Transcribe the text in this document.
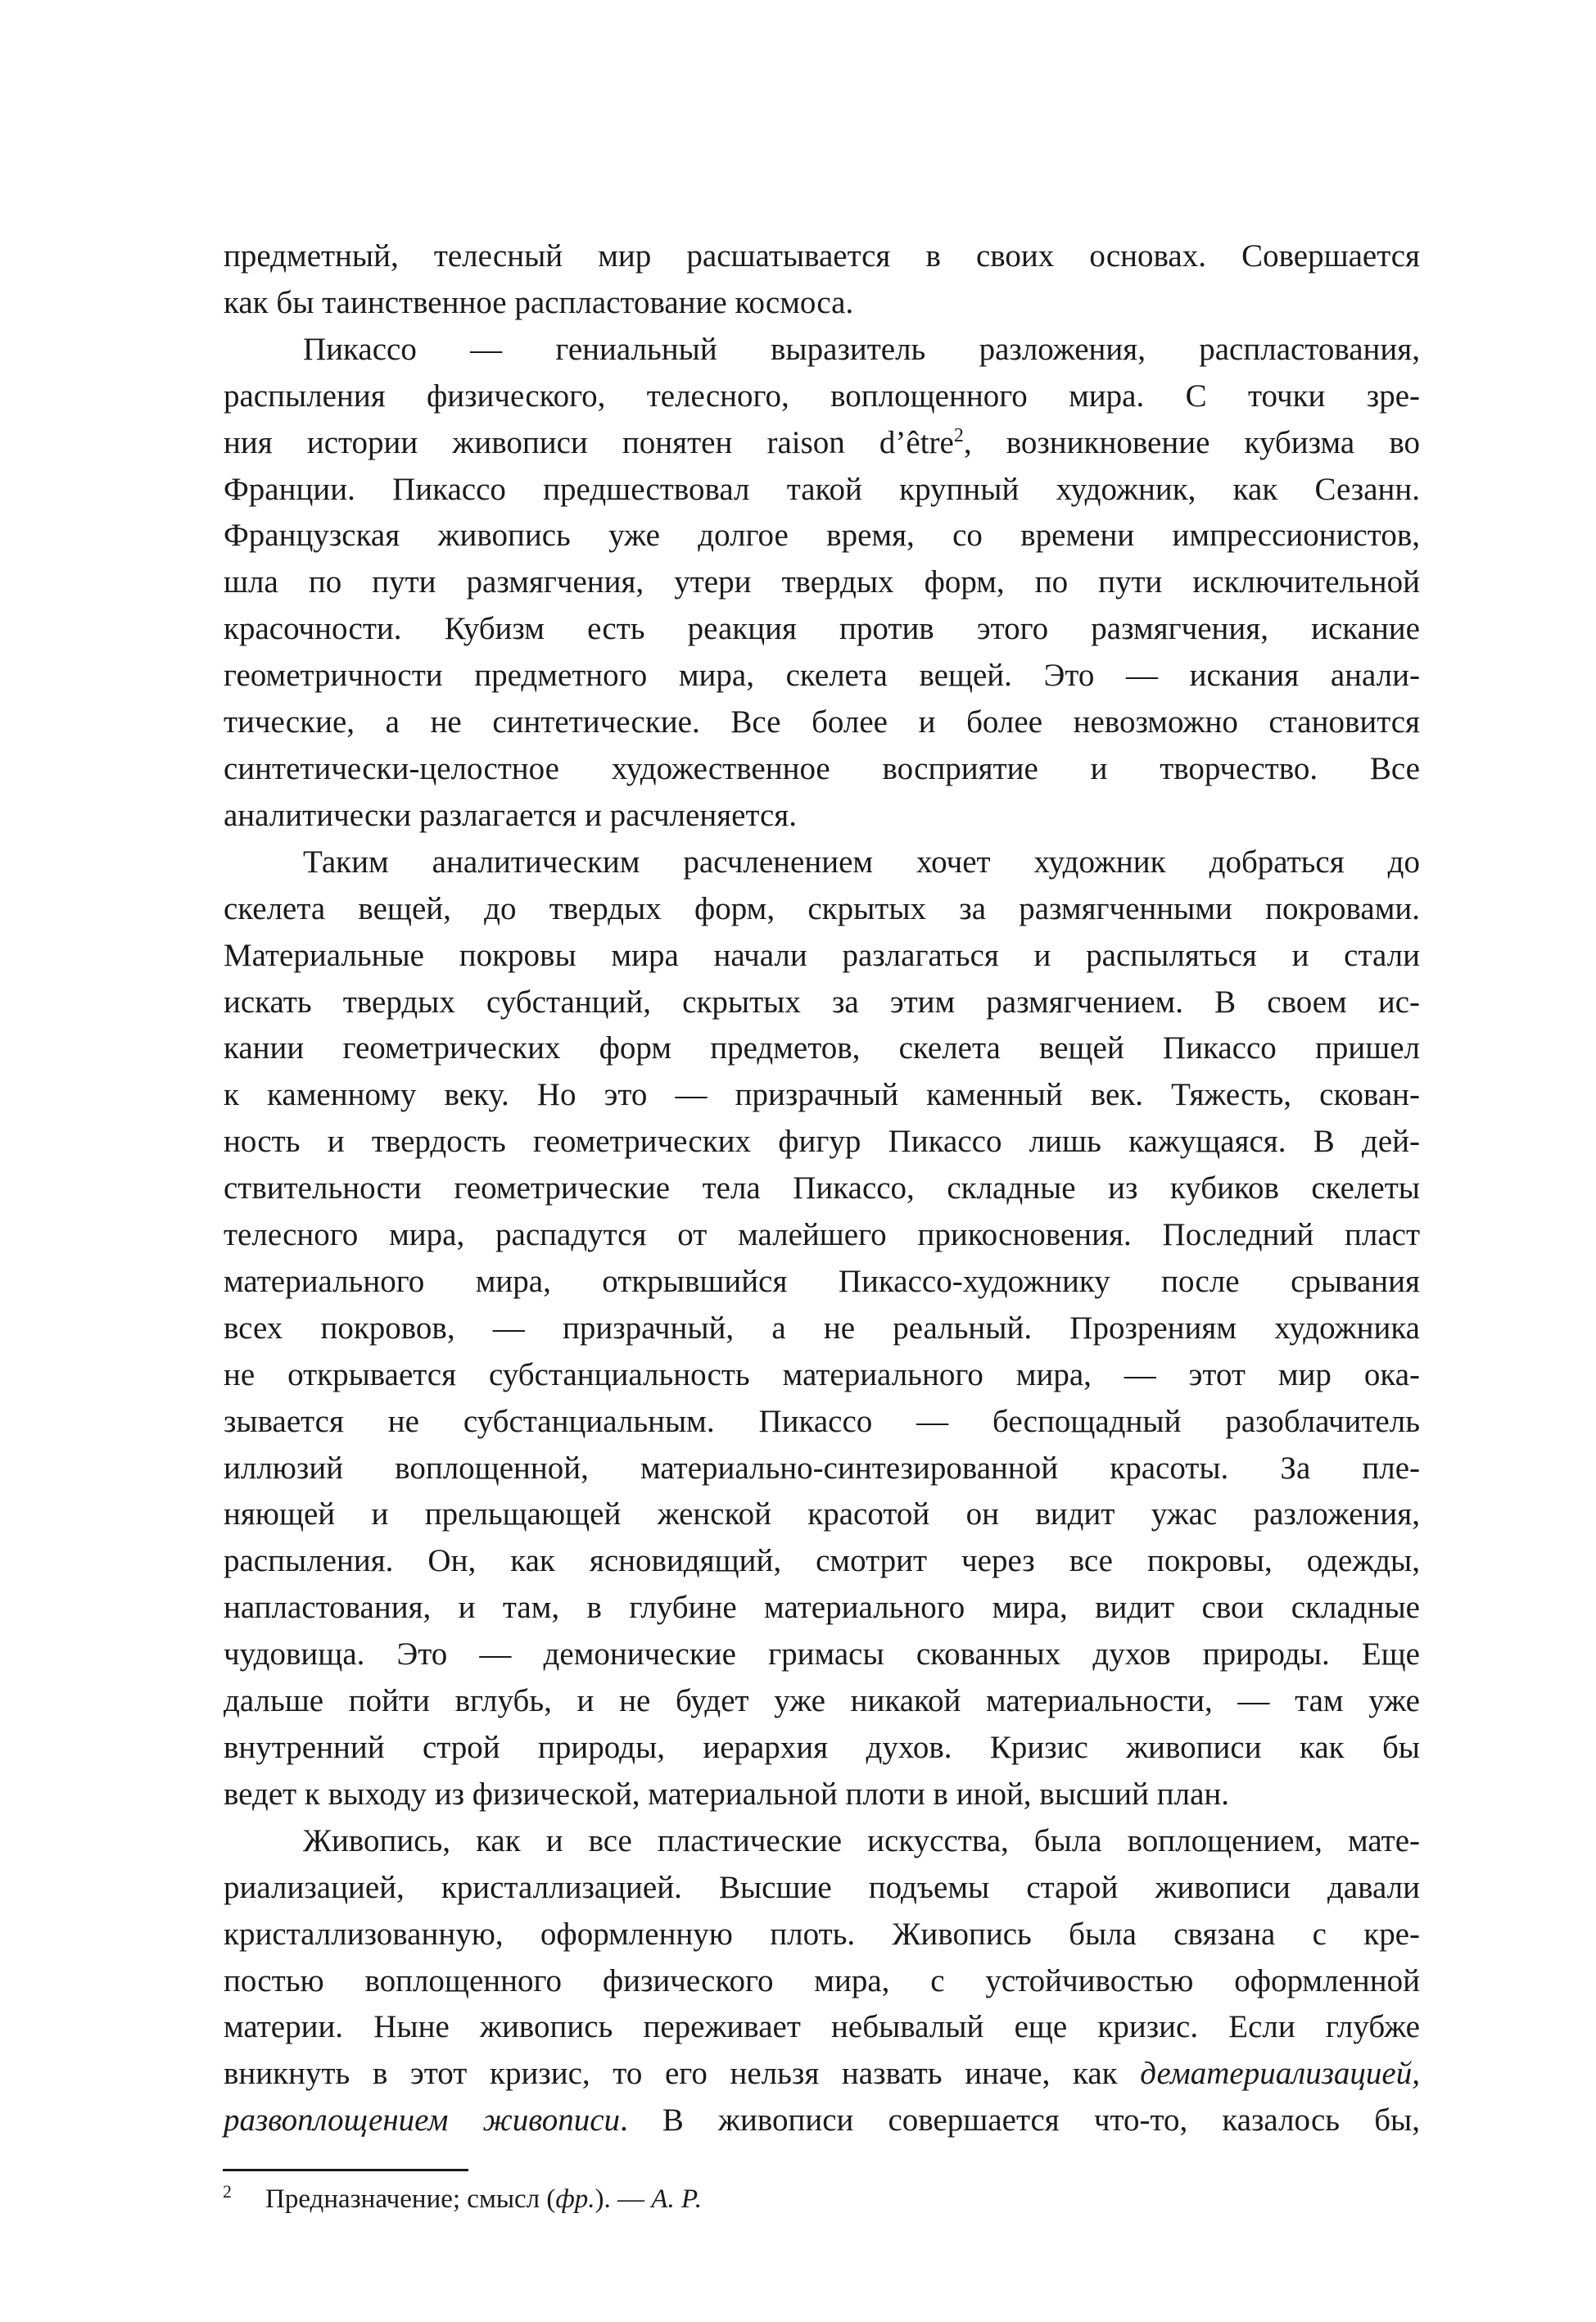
предметный, телесный мир расшатывается в своих основах. Совершается
как бы таинственное распластование космоса.
Пикассо — гениальный выразитель разложения, распластования,
распыления физического, телесного, воплощенного мира. С точки зре-
ния истории живописи понятен raison d’être$^2$, возникновение кубизма во
Франции. Пикассо предшествовал такой крупный художник, как Сезанн.
Французская живопись уже долгое время, со времени импрессионистов,
шла по пути размягчения, утери твердых форм, по пути исключительной
красочности. Кубизм есть реакция против этого размягчения, искание
геометричности предметного мира, скелета вещей. Это — искания анали-
тические, а не синтетические. Все более и более невозможно становится
синтетически-целостное художественное восприятие и творчество. Все
аналитически разлагается и расчленяется.
Таким аналитическим расчленением хочет художник добраться до
скелета вещей, до твердых форм, скрытых за размягченными покровами.
Материальные покровы мира начали разлагаться и распыляться и стали
искать твердых субстанций, скрытых за этим размягчением. В своем ис-
кании геометрических форм предметов, скелета вещей Пикассо пришел
к каменному веку. Но это — призрачный каменный век. Тяжесть, скован-
ность и твердость геометрических фигур Пикассо лишь кажущаяся. В дей-
ствительности геометрические тела Пикассо, складные из кубиков скелеты
телесного мира, распадутся от малейшего прикосновения. Последний пласт
материального мира, открывшийся Пикассо-художнику после срывания
всех покровов, — призрачный, а не реальный. Прозрениям художника
не открывается субстанциальность материального мира, — этот мир ока-
зывается не субстанциальным. Пикассо — беспощадный разоблачитель
иллюзий воплощенной, материально-синтезированной красоты. За пле-
няющей и прельщающей женской красотой он видит ужас разложения,
распыления. Он, как ясновидящий, смотрит через все покровы, одежды,
напластования, и там, в глубине материального мира, видит свои складные
чудовища. Это — демонические гримасы скованных духов природы. Еще
дальше пойти вглубь, и не будет уже никакой материальности, — там уже
внутренний строй природы, иерархия духов. Кризис живописи как бы
ведет к выходу из физической, материальной плоти в иной, высший план.
Живопись, как и все пластические искусства, была воплощением, мате-
риализацией, кристаллизацией. Высшие подъемы старой живописи давали
кристаллизованную, оформленную плоть. Живопись была связана с кре-
постью воплощенного физического мира, с устойчивостью оформленной
материи. Ныне живопись переживает небывалый еще кризис. Если глубже
вникнуть в этот кризис, то его нельзя назвать иначе, как дематериализацией,
развоплощением живописи. В живописи совершается что-то, казалось бы,
2 Предназначение; смысл (фр.). — А. Р.
